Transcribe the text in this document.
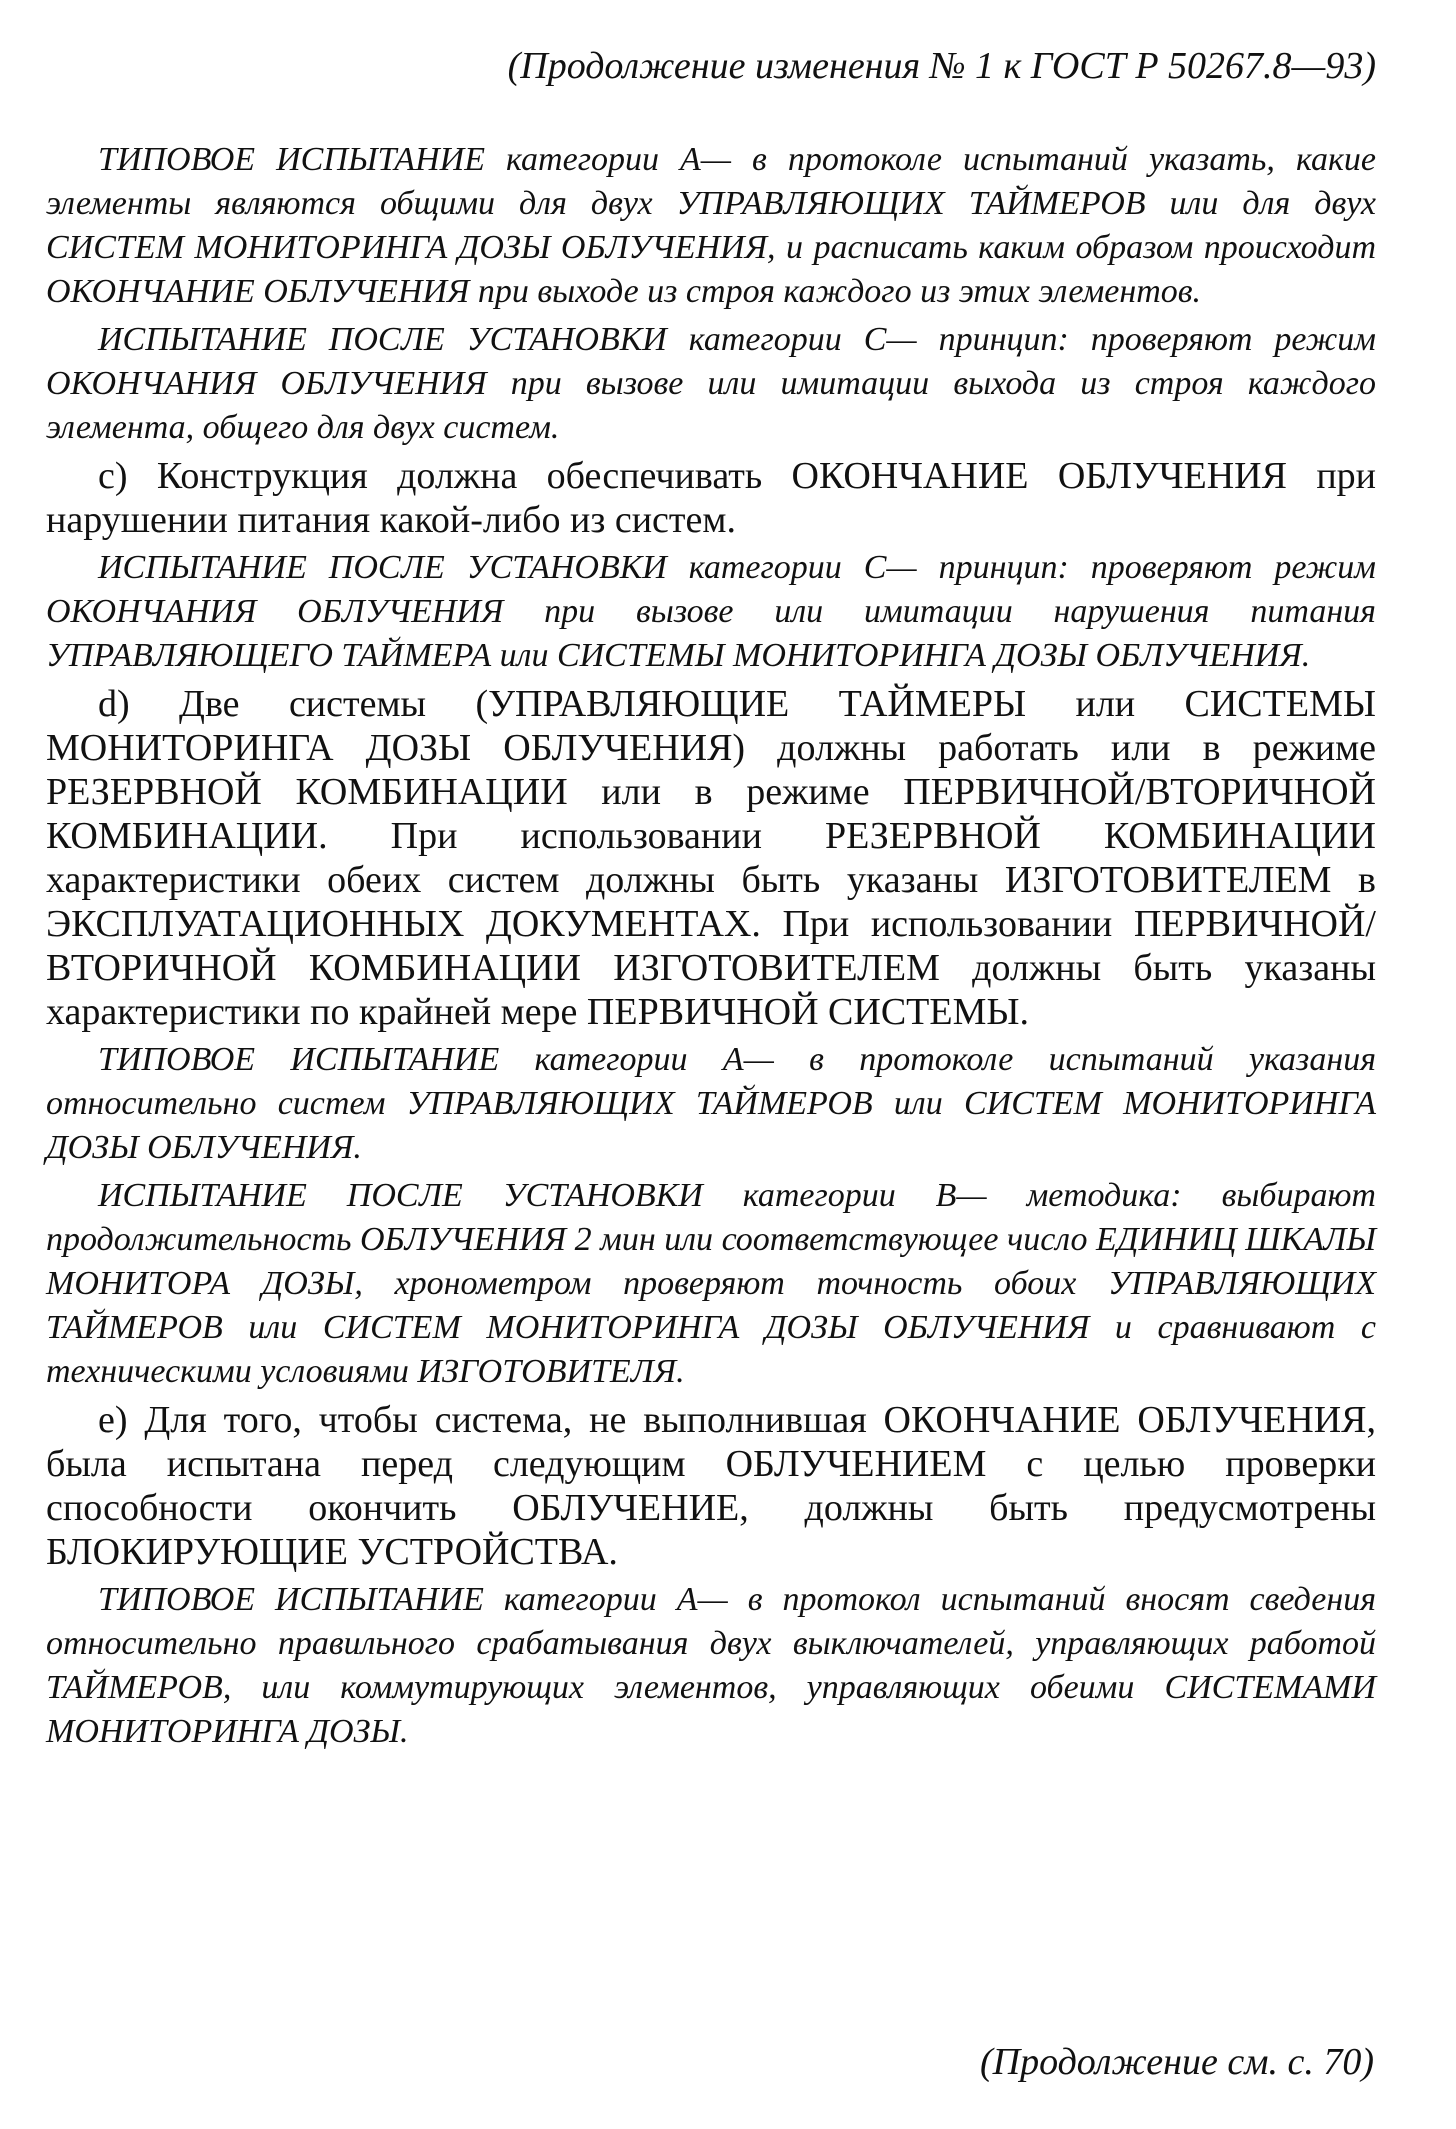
(Продолжение изменения № 1 к ГОСТ Р 50267.8—93)

ТИПОВОЕ ИСПЫТАНИЕ категории А— в протоколе испытаний указать, какие элементы являются общими для двух УПРАВЛЯЮЩИХ ТАЙМЕРОВ или для двух СИСТЕМ МОНИТОРИНГА ДОЗЫ ОБЛУЧЕНИЯ, и расписать каким образом происходит ОКОНЧАНИЕ ОБЛУЧЕНИЯ при выходе из строя каждого из этих элементов.

ИСПЫТАНИЕ ПОСЛЕ УСТАНОВКИ категории С— принцип: проверяют режим ОКОНЧАНИЯ ОБЛУЧЕНИЯ при вызове или имитации выхода из строя каждого элемента, общего для двух систем.

с) Конструкция должна обеспечивать ОКОНЧАНИЕ ОБЛУЧЕНИЯ при нарушении питания какой-либо из систем.

ИСПЫТАНИЕ ПОСЛЕ УСТАНОВКИ категории С— принцип: проверяют режим ОКОНЧАНИЯ ОБЛУЧЕНИЯ при вызове или имитации нарушения питания УПРАВЛЯЮЩЕГО ТАЙМЕРА или СИСТЕМЫ МОНИТОРИНГА ДОЗЫ ОБЛУЧЕНИЯ.

d) Две системы (УПРАВЛЯЮЩИЕ ТАЙМЕРЫ или СИСТЕМЫ МОНИТОРИНГА ДОЗЫ ОБЛУЧЕНИЯ) должны работать или в режиме РЕЗЕРВНОЙ КОМБИНАЦИИ или в режиме ПЕРВИЧНОЙ/ВТОРИЧНОЙ КОМБИНАЦИИ. При использовании РЕЗЕРВНОЙ КОМБИНАЦИИ характеристики обеих систем должны быть указаны ИЗГОТОВИТЕЛЕМ в ЭКСПЛУАТАЦИОННЫХ ДОКУМЕНТАХ. При использовании ПЕРВИЧНОЙ/ВТОРИЧНОЙ КОМБИНАЦИИ ИЗГОТОВИТЕЛЕМ должны быть указаны характеристики по крайней мере ПЕРВИЧНОЙ СИСТЕМЫ.

ТИПОВОЕ ИСПЫТАНИЕ категории А— в протоколе испытаний указания относительно систем УПРАВЛЯЮЩИХ ТАЙМЕРОВ или СИСТЕМ МОНИТОРИНГА ДОЗЫ ОБЛУЧЕНИЯ.

ИСПЫТАНИЕ ПОСЛЕ УСТАНОВКИ категории В— методика: выбирают продолжительность ОБЛУЧЕНИЯ 2 мин или соответствующее число ЕДИНИЦ ШКАЛЫ МОНИТОРА ДОЗЫ, хронометром проверяют точность обоих УПРАВЛЯЮЩИХ ТАЙМЕРОВ или СИСТЕМ МОНИТОРИНГА ДОЗЫ ОБЛУЧЕНИЯ и сравнивают с техническими условиями ИЗГОТОВИТЕЛЯ.

е) Для того, чтобы система, не выполнившая ОКОНЧАНИЕ ОБЛУЧЕНИЯ, была испытана перед следующим ОБЛУЧЕНИЕМ с целью проверки способности окончить ОБЛУЧЕНИЕ, должны быть предусмотрены БЛОКИРУЮЩИЕ УСТРОЙСТВА.

ТИПОВОЕ ИСПЫТАНИЕ категории А— в протокол испытаний вносят сведения относительно правильного срабатывания двух выключателей, управляющих работой ТАЙМЕРОВ, или коммутирующих элементов, управляющих обеими СИСТЕМАМИ МОНИТОРИНГА ДОЗЫ.

(Продолжение см. с. 70)
